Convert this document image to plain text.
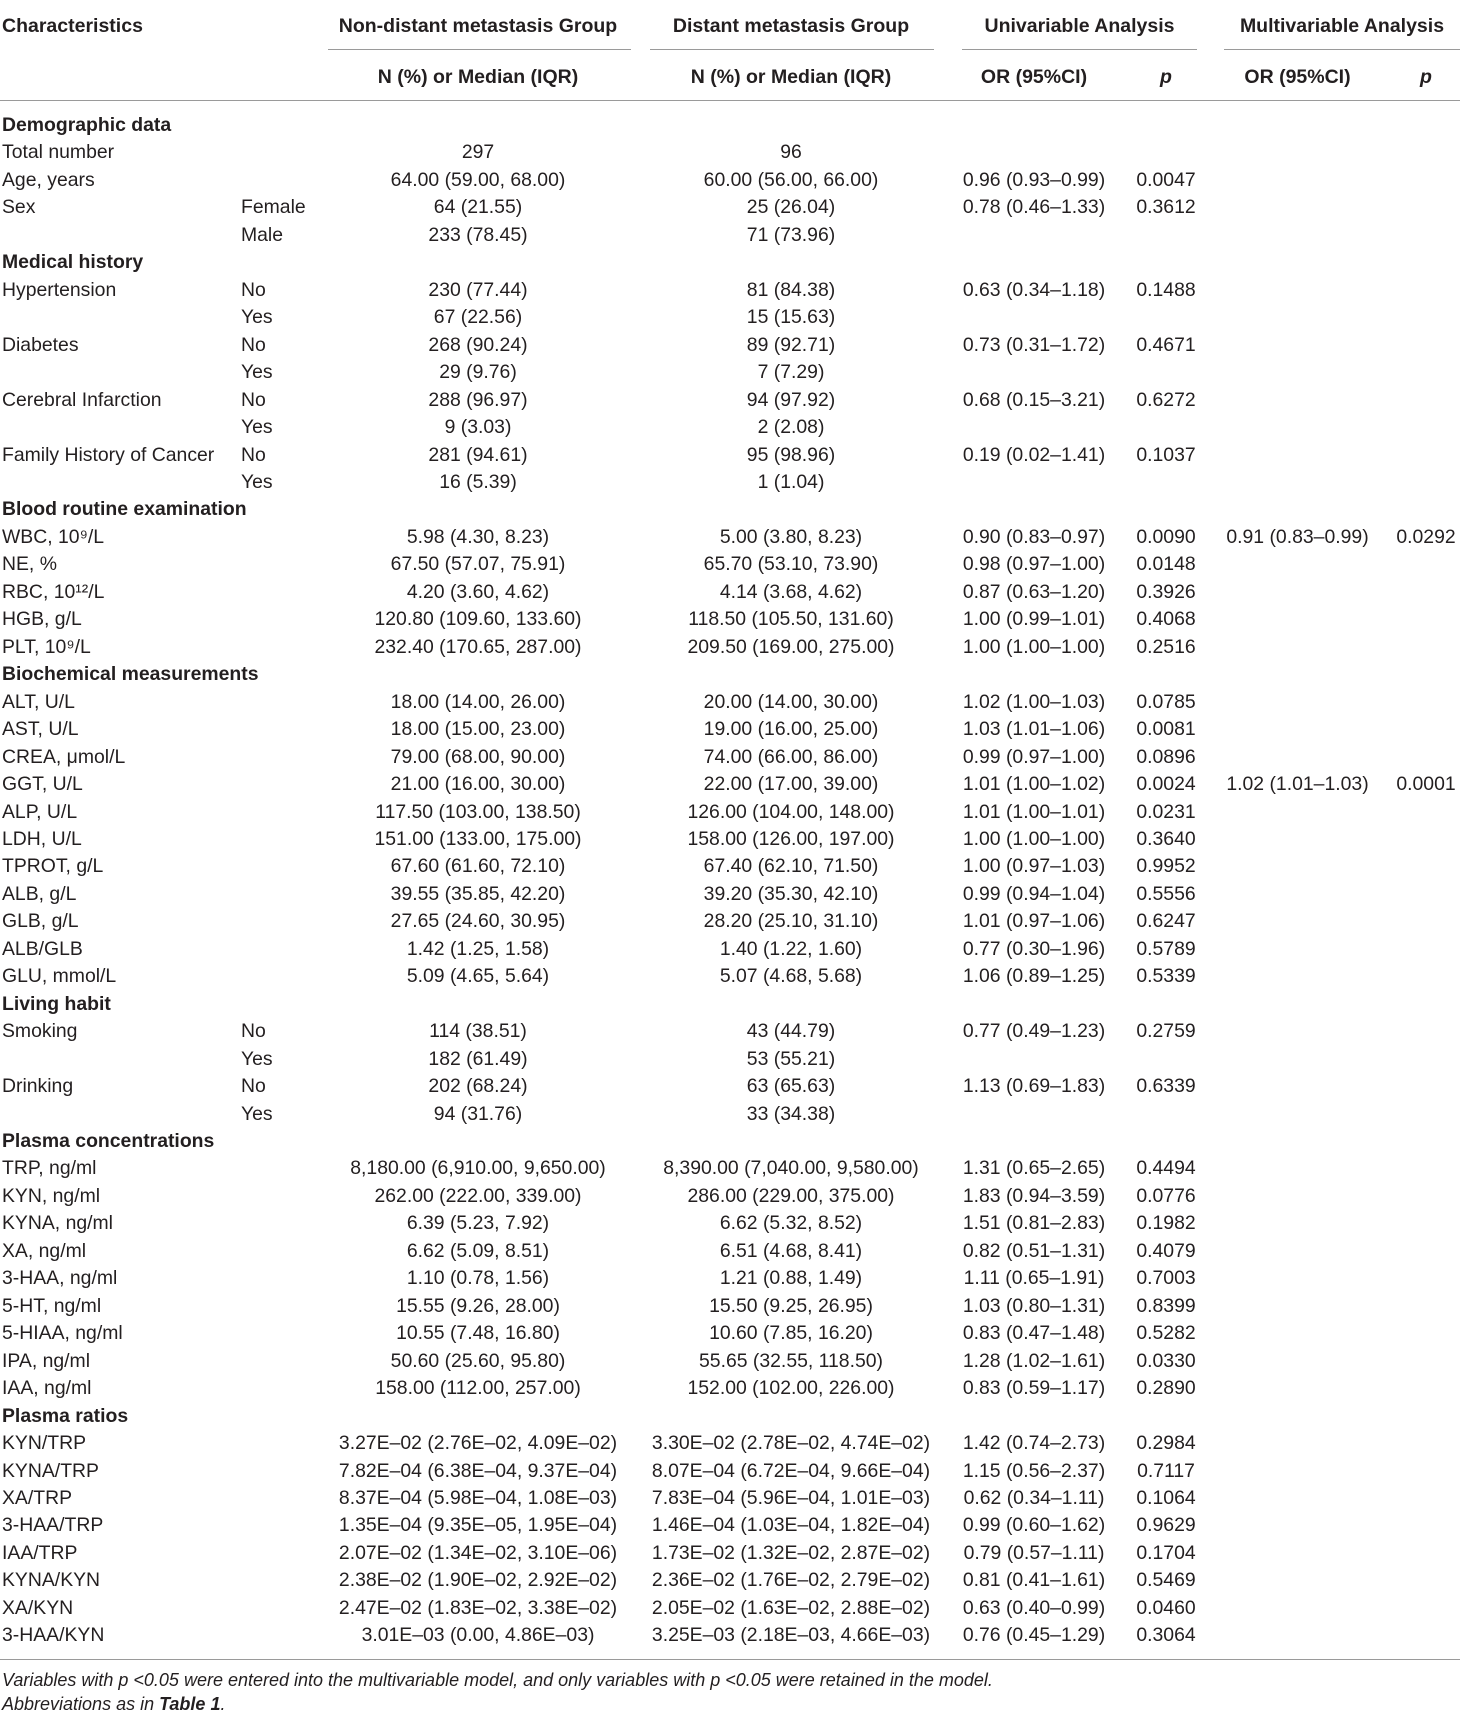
Characteristics	Non-distant metastasis Group	Distant metastasis Group	Univariable Analysis	Multivariable Analysis
N (%) or Median (IQR)	N (%) or Median (IQR)	OR (95%CI)	p	OR (95%CI)	p
Demographic data
Total number	297	96
Age, years	64.00 (59.00, 68.00)	60.00 (56.00, 66.00)	0.96 (0.93–0.99)	0.0047
Sex	Female	64 (21.55)	25 (26.04)	0.78 (0.46–1.33)	0.3612
Male	233 (78.45)	71 (73.96)
Medical history
Hypertension	No	230 (77.44)	81 (84.38)	0.63 (0.34–1.18)	0.1488
Yes	67 (22.56)	15 (15.63)
Diabetes	No	268 (90.24)	89 (92.71)	0.73 (0.31–1.72)	0.4671
Yes	29 (9.76)	7 (7.29)
Cerebral Infarction	No	288 (96.97)	94 (97.92)	0.68 (0.15–3.21)	0.6272
Yes	9 (3.03)	2 (2.08)
Family History of Cancer No	281 (94.61)	95 (98.96)	0.19 (0.02–1.41)	0.1037
Yes	16 (5.39)	1 (1.04)
Blood routine examination
WBC, 10⁹/L	5.98 (4.30, 8.23)	5.00 (3.80, 8.23)	0.90 (0.83–0.97)	0.0090	0.91 (0.83–0.99)	0.0292
NE, %	67.50 (57.07, 75.91)	65.70 (53.10, 73.90)	0.98 (0.97–1.00)	0.0148
RBC, 10¹²/L	4.20 (3.60, 4.62)	4.14 (3.68, 4.62)	0.87 (0.63–1.20)	0.3926
HGB, g/L	120.80 (109.60, 133.60)	118.50 (105.50, 131.60)	1.00 (0.99–1.01)	0.4068
PLT, 10⁹/L	232.40 (170.65, 287.00)	209.50 (169.00, 275.00)	1.00 (1.00–1.00)	0.2516
Biochemical measurements
ALT, U/L	18.00 (14.00, 26.00)	20.00 (14.00, 30.00)	1.02 (1.00–1.03)	0.0785
AST, U/L	18.00 (15.00, 23.00)	19.00 (16.00, 25.00)	1.03 (1.01–1.06)	0.0081
CREA, μmol/L	79.00 (68.00, 90.00)	74.00 (66.00, 86.00)	0.99 (0.97–1.00)	0.0896
GGT, U/L	21.00 (16.00, 30.00)	22.00 (17.00, 39.00)	1.01 (1.00–1.02)	0.0024	1.02 (1.01–1.03)	0.0001
ALP, U/L	117.50 (103.00, 138.50)	126.00 (104.00, 148.00)	1.01 (1.00–1.01)	0.0231
LDH, U/L	151.00 (133.00, 175.00)	158.00 (126.00, 197.00)	1.00 (1.00–1.00)	0.3640
TPROT, g/L	67.60 (61.60, 72.10)	67.40 (62.10, 71.50)	1.00 (0.97–1.03)	0.9952
ALB, g/L	39.55 (35.85, 42.20)	39.20 (35.30, 42.10)	0.99 (0.94–1.04)	0.5556
GLB, g/L	27.65 (24.60, 30.95)	28.20 (25.10, 31.10)	1.01 (0.97–1.06)	0.6247
ALB/GLB	1.42 (1.25, 1.58)	1.40 (1.22, 1.60)	0.77 (0.30–1.96)	0.5789
GLU, mmol/L	5.09 (4.65, 5.64)	5.07 (4.68, 5.68)	1.06 (0.89–1.25)	0.5339
Living habit
Smoking	No	114 (38.51)	43 (44.79)	0.77 (0.49–1.23)	0.2759
Yes	182 (61.49)	53 (55.21)
Drinking	No	202 (68.24)	63 (65.63)	1.13 (0.69–1.83)	0.6339
Yes	94 (31.76)	33 (34.38)
Plasma concentrations
TRP, ng/ml	8,180.00 (6,910.00, 9,650.00)	8,390.00 (7,040.00, 9,580.00)	1.31 (0.65–2.65)	0.4494
KYN, ng/ml	262.00 (222.00, 339.00)	286.00 (229.00, 375.00)	1.83 (0.94–3.59)	0.0776
KYNA, ng/ml	6.39 (5.23, 7.92)	6.62 (5.32, 8.52)	1.51 (0.81–2.83)	0.1982
XA, ng/ml	6.62 (5.09, 8.51)	6.51 (4.68, 8.41)	0.82 (0.51–1.31)	0.4079
3-HAA, ng/ml	1.10 (0.78, 1.56)	1.21 (0.88, 1.49)	1.11 (0.65–1.91)	0.7003
5-HT, ng/ml	15.55 (9.26, 28.00)	15.50 (9.25, 26.95)	1.03 (0.80–1.31)	0.8399
5-HIAA, ng/ml	10.55 (7.48, 16.80)	10.60 (7.85, 16.20)	0.83 (0.47–1.48)	0.5282
IPA, ng/ml	50.60 (25.60, 95.80)	55.65 (32.55, 118.50)	1.28 (1.02–1.61)	0.0330
IAA, ng/ml	158.00 (112.00, 257.00)	152.00 (102.00, 226.00)	0.83 (0.59–1.17)	0.2890
Plasma ratios
KYN/TRP	3.27E–02 (2.76E–02, 4.09E–02)	3.30E–02 (2.78E–02, 4.74E–02)	1.42 (0.74–2.73)	0.2984
KYNA/TRP	7.82E–04 (6.38E–04, 9.37E–04)	8.07E–04 (6.72E–04, 9.66E–04)	1.15 (0.56–2.37)	0.7117
XA/TRP	8.37E–04 (5.98E–04, 1.08E–03)	7.83E–04 (5.96E–04, 1.01E–03)	0.62 (0.34–1.11)	0.1064
3-HAA/TRP	1.35E–04 (9.35E–05, 1.95E–04)	1.46E–04 (1.03E–04, 1.82E–04)	0.99 (0.60–1.62)	0.9629
IAA/TRP	2.07E–02 (1.34E–02, 3.10E–06)	1.73E–02 (1.32E–02, 2.87E–02)	0.79 (0.57–1.11)	0.1704
KYNA/KYN	2.38E–02 (1.90E–02, 2.92E–02)	2.36E–02 (1.76E–02, 2.79E–02)	0.81 (0.41–1.61)	0.5469
XA/KYN	2.47E–02 (1.83E–02, 3.38E–02)	2.05E–02 (1.63E–02, 2.88E–02)	0.63 (0.40–0.99)	0.0460
3-HAA/KYN	3.01E–03 (0.00, 4.86E–03)	3.25E–03 (2.18E–03, 4.66E–03)	0.76 (0.45–1.29)	0.3064
Variables with p <0.05 were entered into the multivariable model, and only variables with p <0.05 were retained in the model.
Abbreviations as in Table 1.
